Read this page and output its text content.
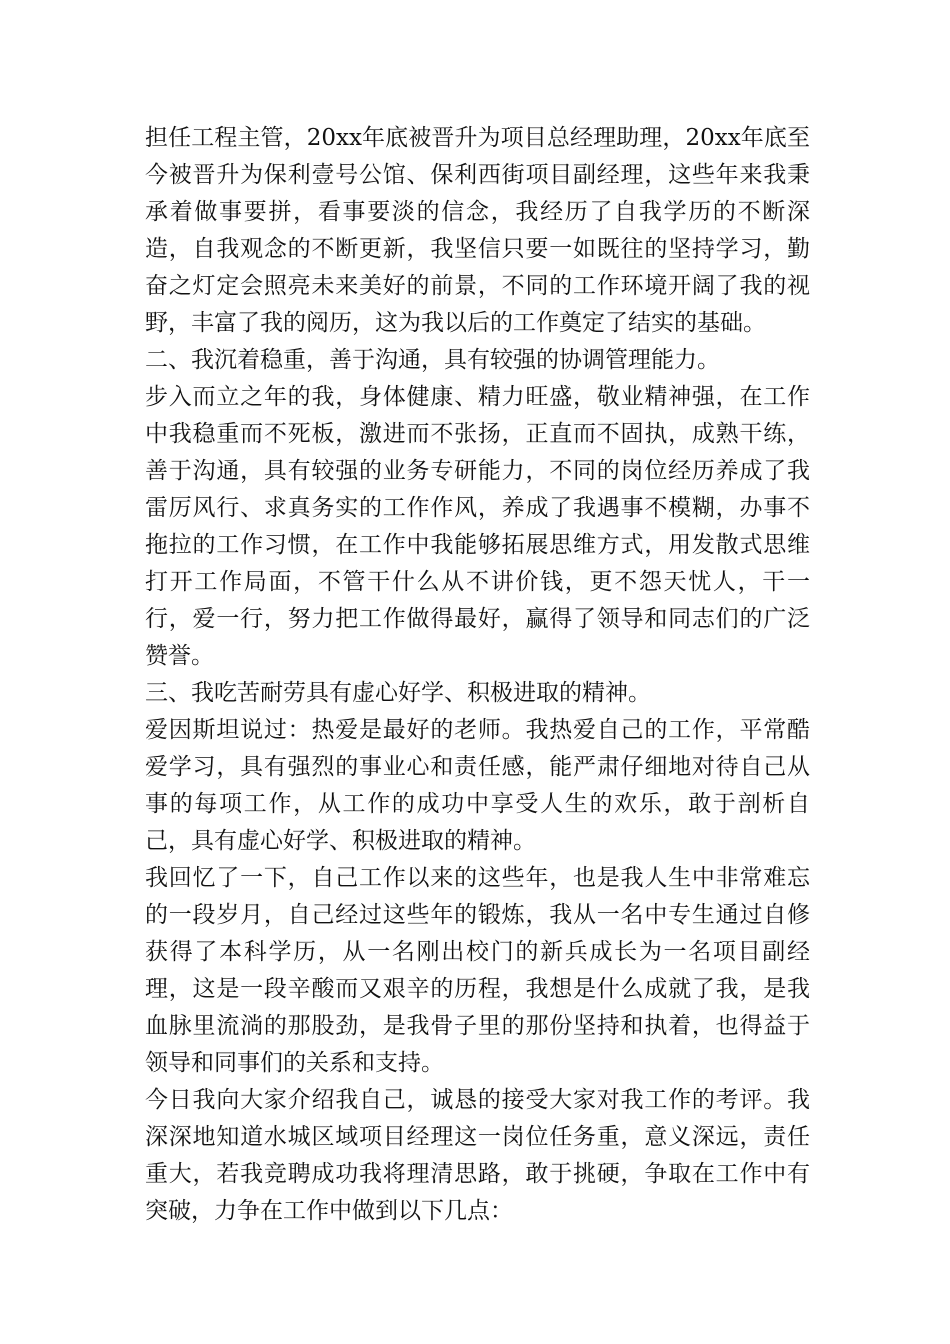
担任工程主管，20xx年底被晋升为项目总经理助理，20xx年底至今被晋升为保利壹号公馆、保利西街项目副经理，这些年来我秉承着做事要拼，看事要淡的信念，我经历了自我学历的不断深造，自我观念的不断更新，我坚信只要一如既往的坚持学习，勤奋之灯定会照亮未来美好的前景，不同的工作环境开阔了我的视野，丰富了我的阅历，这为我以后的工作奠定了结实的基础。

二、我沉着稳重，善于沟通，具有较强的协调管理能力。

步入而立之年的我，身体健康、精力旺盛，敬业精神强，在工作中我稳重而不死板，激进而不张扬，正直而不固执，成熟干练，善于沟通，具有较强的业务专研能力，不同的岗位经历养成了我雷厉风行、求真务实的工作作风，养成了我遇事不模糊，办事不拖拉的工作习惯，在工作中我能够拓展思维方式，用发散式思维打开工作局面，不管干什么从不讲价钱，更不怨天忧人，干一行，爱一行，努力把工作做得最好，赢得了领导和同志们的广泛赞誉。

三、我吃苦耐劳具有虚心好学、积极进取的精神。

爱因斯坦说过：热爱是最好的老师。我热爱自己的工作，平常酷爱学习，具有强烈的事业心和责任感，能严肃仔细地对待自己从事的每项工作，从工作的成功中享受人生的欢乐，敢于剖析自己，具有虚心好学、积极进取的精神。

我回忆了一下，自己工作以来的这些年，也是我人生中非常难忘的一段岁月，自己经过这些年的锻炼，我从一名中专生通过自修获得了本科学历，从一名刚出校门的新兵成长为一名项目副经理，这是一段辛酸而又艰辛的历程，我想是什么成就了我，是我血脉里流淌的那股劲，是我骨子里的那份坚持和执着，也得益于领导和同事们的关系和支持。

今日我向大家介绍我自己，诚恳的接受大家对我工作的考评。我深深地知道水城区域项目经理这一岗位任务重，意义深远，责任重大，若我竞聘成功我将理清思路，敢于挑硬，争取在工作中有突破，力争在工作中做到以下几点：
